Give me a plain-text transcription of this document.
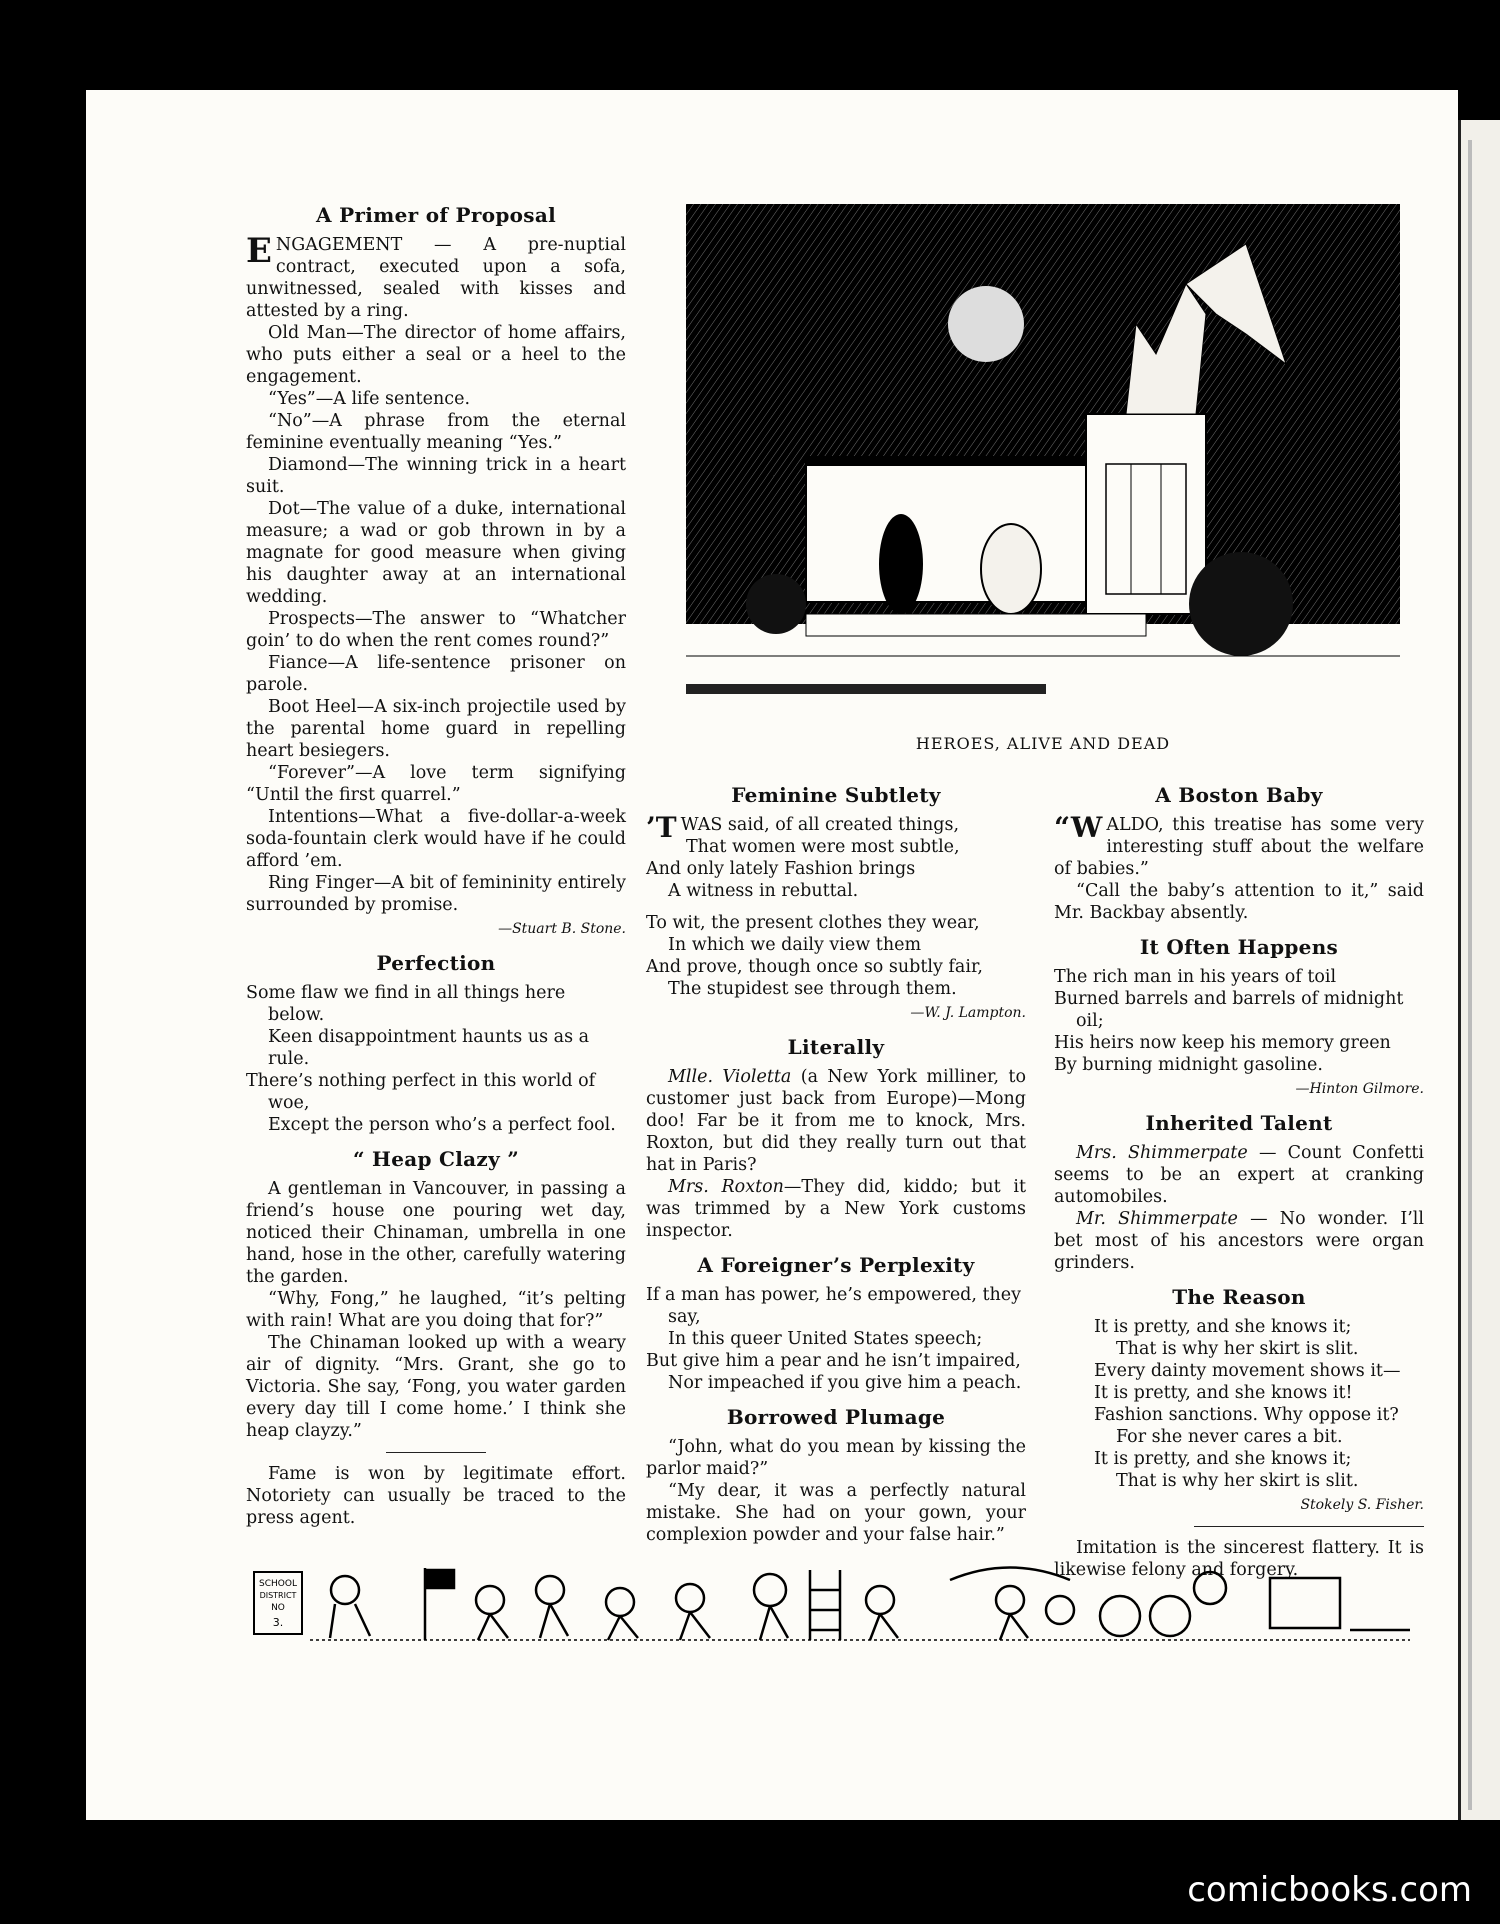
A Primer of Proposal

ENGAGEMENT — A pre-nuptial contract, executed upon a sofa, unwitnessed, sealed with kisses and attested by a ring.

Old Man—The director of home affairs, who puts either a seal or a heel to the engagement.

“Yes”—A life sentence.

“No”—A phrase from the eternal feminine eventually meaning “Yes.”

Diamond—The winning trick in a heart suit.

Dot—The value of a duke, international measure; a wad or gob thrown in by a magnate for good measure when giving his daughter away at an international wedding.

Prospects—The answer to “Whatcher goin’ to do when the rent comes round?”

Fiance—A life-sentence prisoner on parole.

Boot Heel—A six-inch projectile used by the parental home guard in repelling heart besiegers.

“Forever”—A love term signifying “Until the first quarrel.”

Intentions—What a five-dollar-a-week soda-fountain clerk would have if he could afford ’em.

Ring Finger—A bit of femininity entirely surrounded by promise.

—Stuart B. Stone.
Perfection

Some flaw we find in all things here below.

Keen disappointment haunts us as a rule.

There’s nothing perfect in this world of woe,

Except the person who’s a perfect fool.

“ Heap Clazy ”

A gentleman in Vancouver, in passing a friend’s house one pouring wet day, noticed their Chinaman, umbrella in one hand, hose in the other, carefully watering the garden.

“Why, Fong,” he laughed, “it’s pelting with rain! What are you doing that for?”

The Chinaman looked up with a weary air of dignity. “Mrs. Grant, she go to Victoria. She say, ‘Fong, you water garden every day till I come home.’ I think she heap clayzy.”

Fame is won by legitimate effort. Notoriety can usually be traced to the press agent.

HEROES, ALIVE AND DEAD
Feminine Subtlety

’T WAS said, of all created things,

That women were most subtle,

And only lately Fashion brings

A witness in rebuttal.

To wit, the present clothes they wear,

In which we daily view them

And prove, though once so subtly fair,

The stupidest see through them.

—W. J. Lampton.
Literally

Mlle. Violetta (a New York milliner, to customer just back from Europe)—Mong doo! Far be it from me to knock, Mrs. Roxton, but did they really turn out that hat in Paris?

Mrs. Roxton—They did, kiddo; but it was trimmed by a New York customs inspector.

A Foreigner’s Perplexity

If a man has power, he’s empowered, they say,

In this queer United States speech;

But give him a pear and he isn’t impaired,

Nor impeached if you give him a peach.

Borrowed Plumage

“John, what do you mean by kissing the parlor maid?”

“My dear, it was a perfectly natural mistake. She had on your gown, your complexion powder and your false hair.”

A Boston Baby

“WALDO, this treatise has some very interesting stuff about the welfare of babies.”

“Call the baby’s attention to it,” said Mr. Backbay absently.

It Often Happens

The rich man in his years of toil

Burned barrels and barrels of midnight oil;

His heirs now keep his memory green

By burning midnight gasoline.

—Hinton Gilmore.
Inherited Talent

Mrs. Shimmerpate — Count Confetti seems to be an expert at cranking automobiles.

Mr. Shimmerpate — No wonder. I’ll bet most of his ancestors were organ grinders.

The Reason

It is pretty, and she knows it;

That is why her skirt is slit.

Every dainty movement shows it—

It is pretty, and she knows it!

Fashion sanctions. Why oppose it?

For she never cares a bit.

It is pretty, and she knows it;

That is why her skirt is slit.

Stokely S. Fisher.

Imitation is the sincerest flattery. It is likewise felony and forgery.

SCHOOL
DISTRICT
NO
3.
comicbooks.com
